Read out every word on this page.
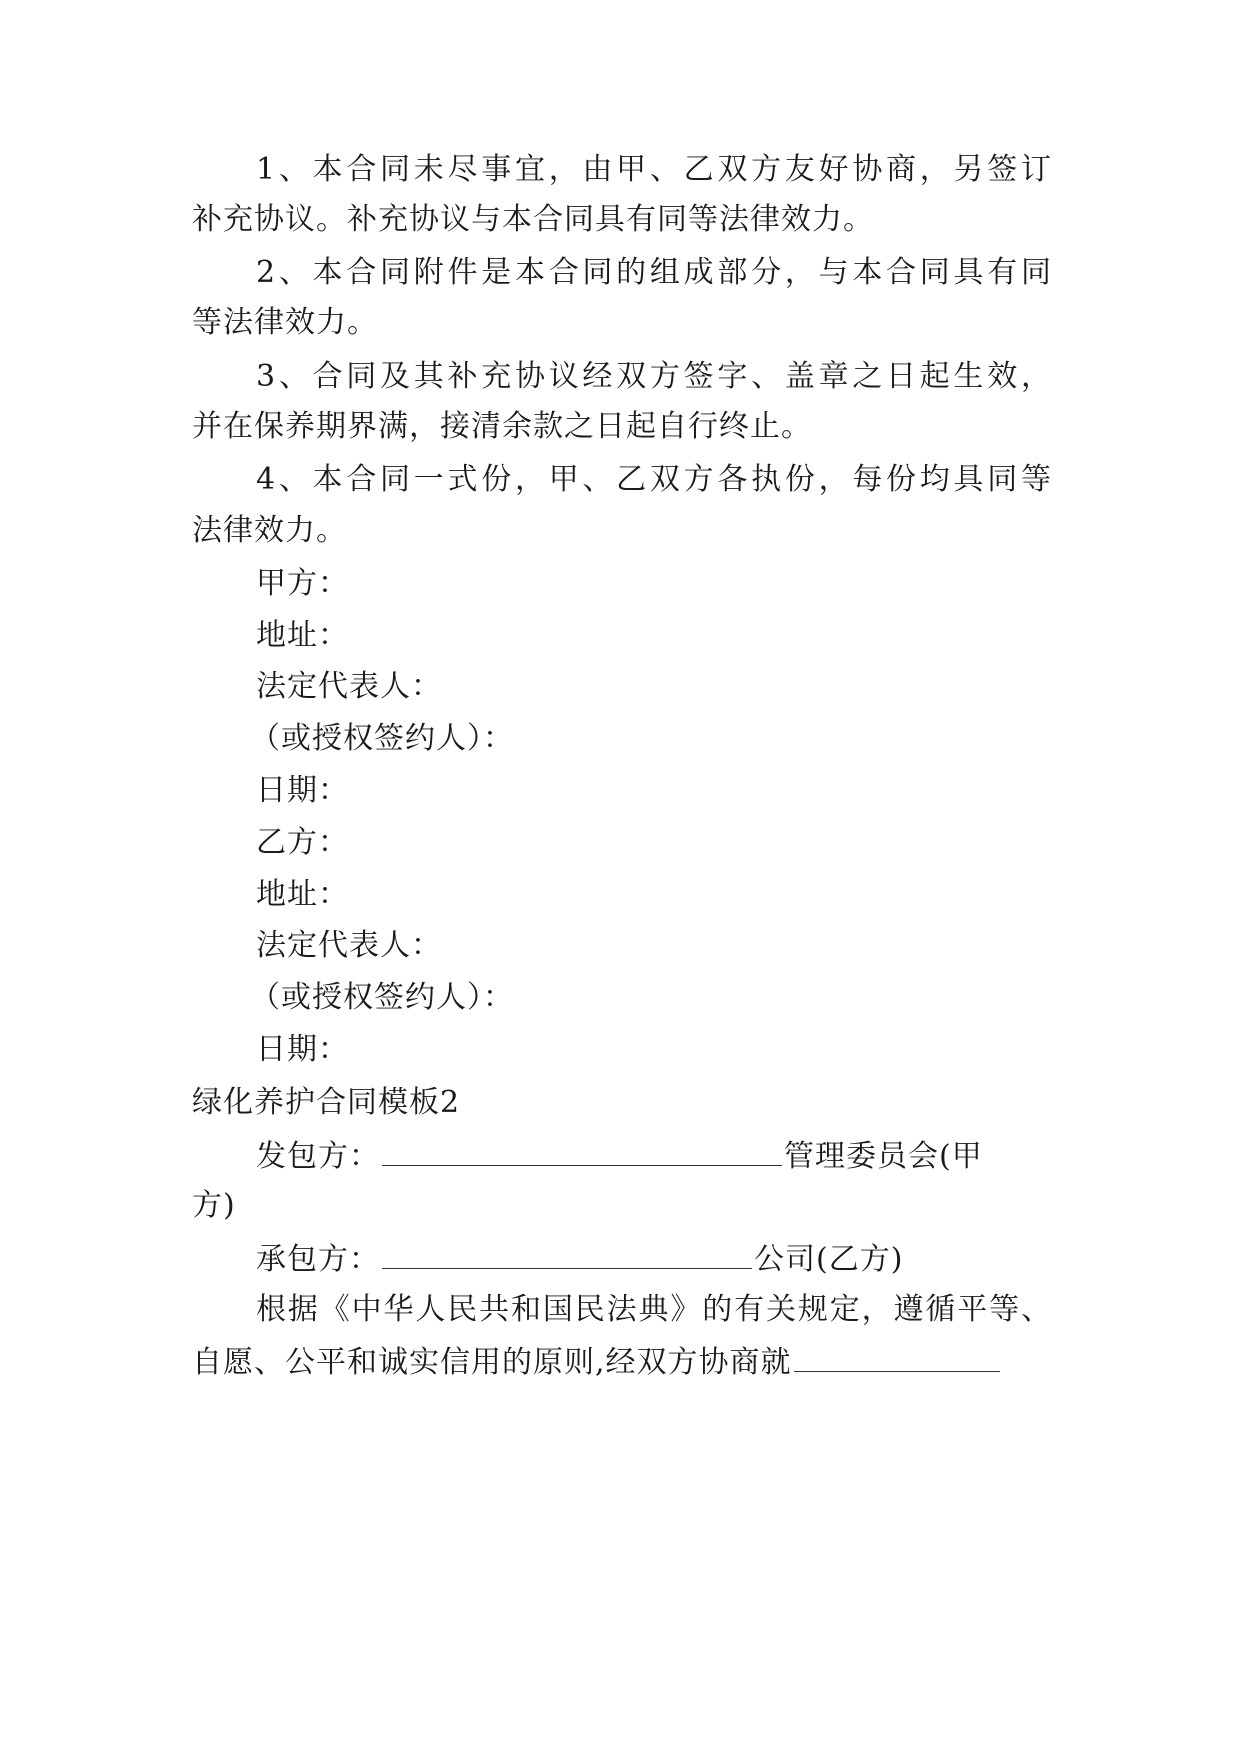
1、本合同未尽事宜，由甲、乙双方友好协商，另签订
补充协议。补充协议与本合同具有同等法律效力。
2、本合同附件是本合同的组成部分，与本合同具有同
等法律效力。
3、合同及其补充协议经双方签字、盖章之日起生效，
并在保养期界满，接清余款之日起自行终止。
4、本合同一式份，甲、乙双方各执份，每份均具同等
法律效力。
甲方：
地址：
法定代表人：
（或授权签约人）：
日期：
乙方：
地址：
法定代表人：
（或授权签约人）：
日期：
绿化养护合同模板2
发包方：	管理委员会(甲
方)
承包方：	公司(乙方)
根据《中华人民共和国民法典》的有关规定，遵循平等、
自愿、公平和诚实信用的原则,经双方协商就
